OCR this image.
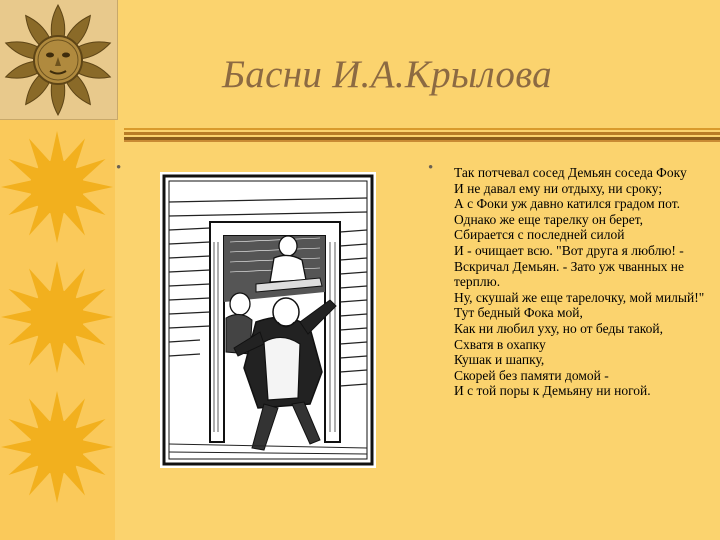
Басни И.А.Крылова
•	• Так потчевал сосед Демьян соседа Фоку
И не давал ему ни отдыху, ни сроку;
А с Фоки уж давно катился градом пот.
Однако же еще тарелку он берет,
Сбирается с последней силой
И - очищает всю. "Вот друга я люблю! -
Вскричал Демьян. - Зато уж чванных не терплю.
Ну, скушай же еще тарелочку, мой милый!"
Тут бедный Фока мой,
Как ни любил уху, но от беды такой,
Схватя в охапку
Кушак и шапку,
Скорей без памяти домой -
И с той поры к Демьяну ни ногой.
